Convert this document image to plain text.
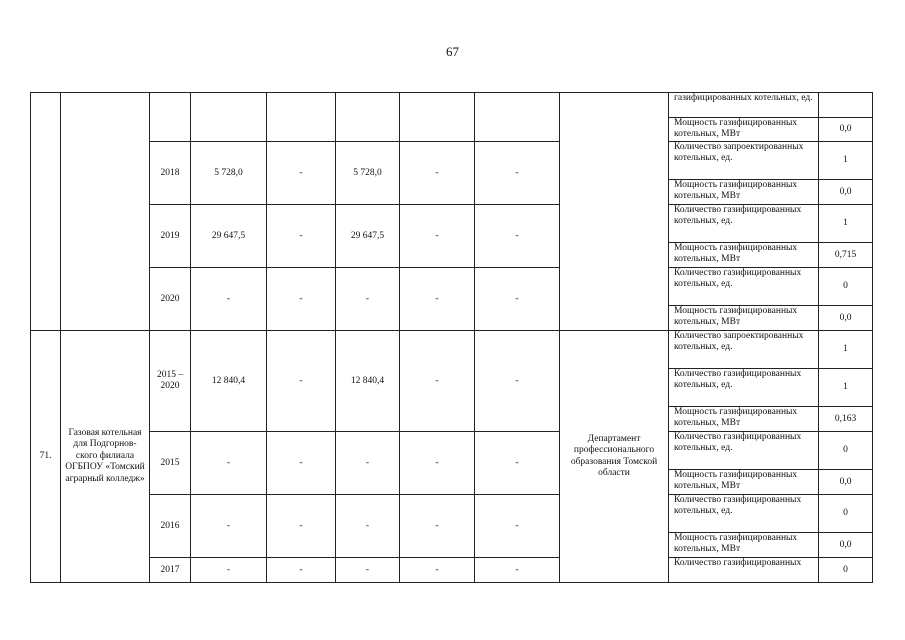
67
									газифицированных котельных, ед.	
									Мощность газифицированных котельных, МВт	0,0
		2018	5 728,0	-	5 728,0	-	-		Количество запроектированных котельных, ед.	1
									Мощность газифицированных котельных, МВт	0,0
		2019	29 647,5	-	29 647,5	-	-		Количество газифицированных котельных, ед.	1
									Мощность газифицированных котельных, МВт	0,715
		2020	-	-	-	-	-		Количество газифицированных котельных, ед.	0
									Мощность газифицированных котельных, МВт	0,0
71.	Газовая котельная для Подгорнов-ского филиала ОГБПОУ «Томский аграрный колледж»	2015 – 2020	12 840,4	-	12 840,4	-	-	Департамент профессионального образования Томской области	Количество запроектированных котельных, ед.	1
									Количество газифицированных котельных, ед.	1
									Мощность газифицированных котельных, МВт	0,163
		2015	-	-	-	-	-		Количество газифицированных котельных, ед.	0
									Мощность газифицированных котельных, МВт	0,0
		2016	-	-	-	-	-		Количество газифицированных котельных, ед.	0
									Мощность газифицированных котельных, МВт	0,0
		2017	-	-	-	-	-		Количество газифицированных	0
